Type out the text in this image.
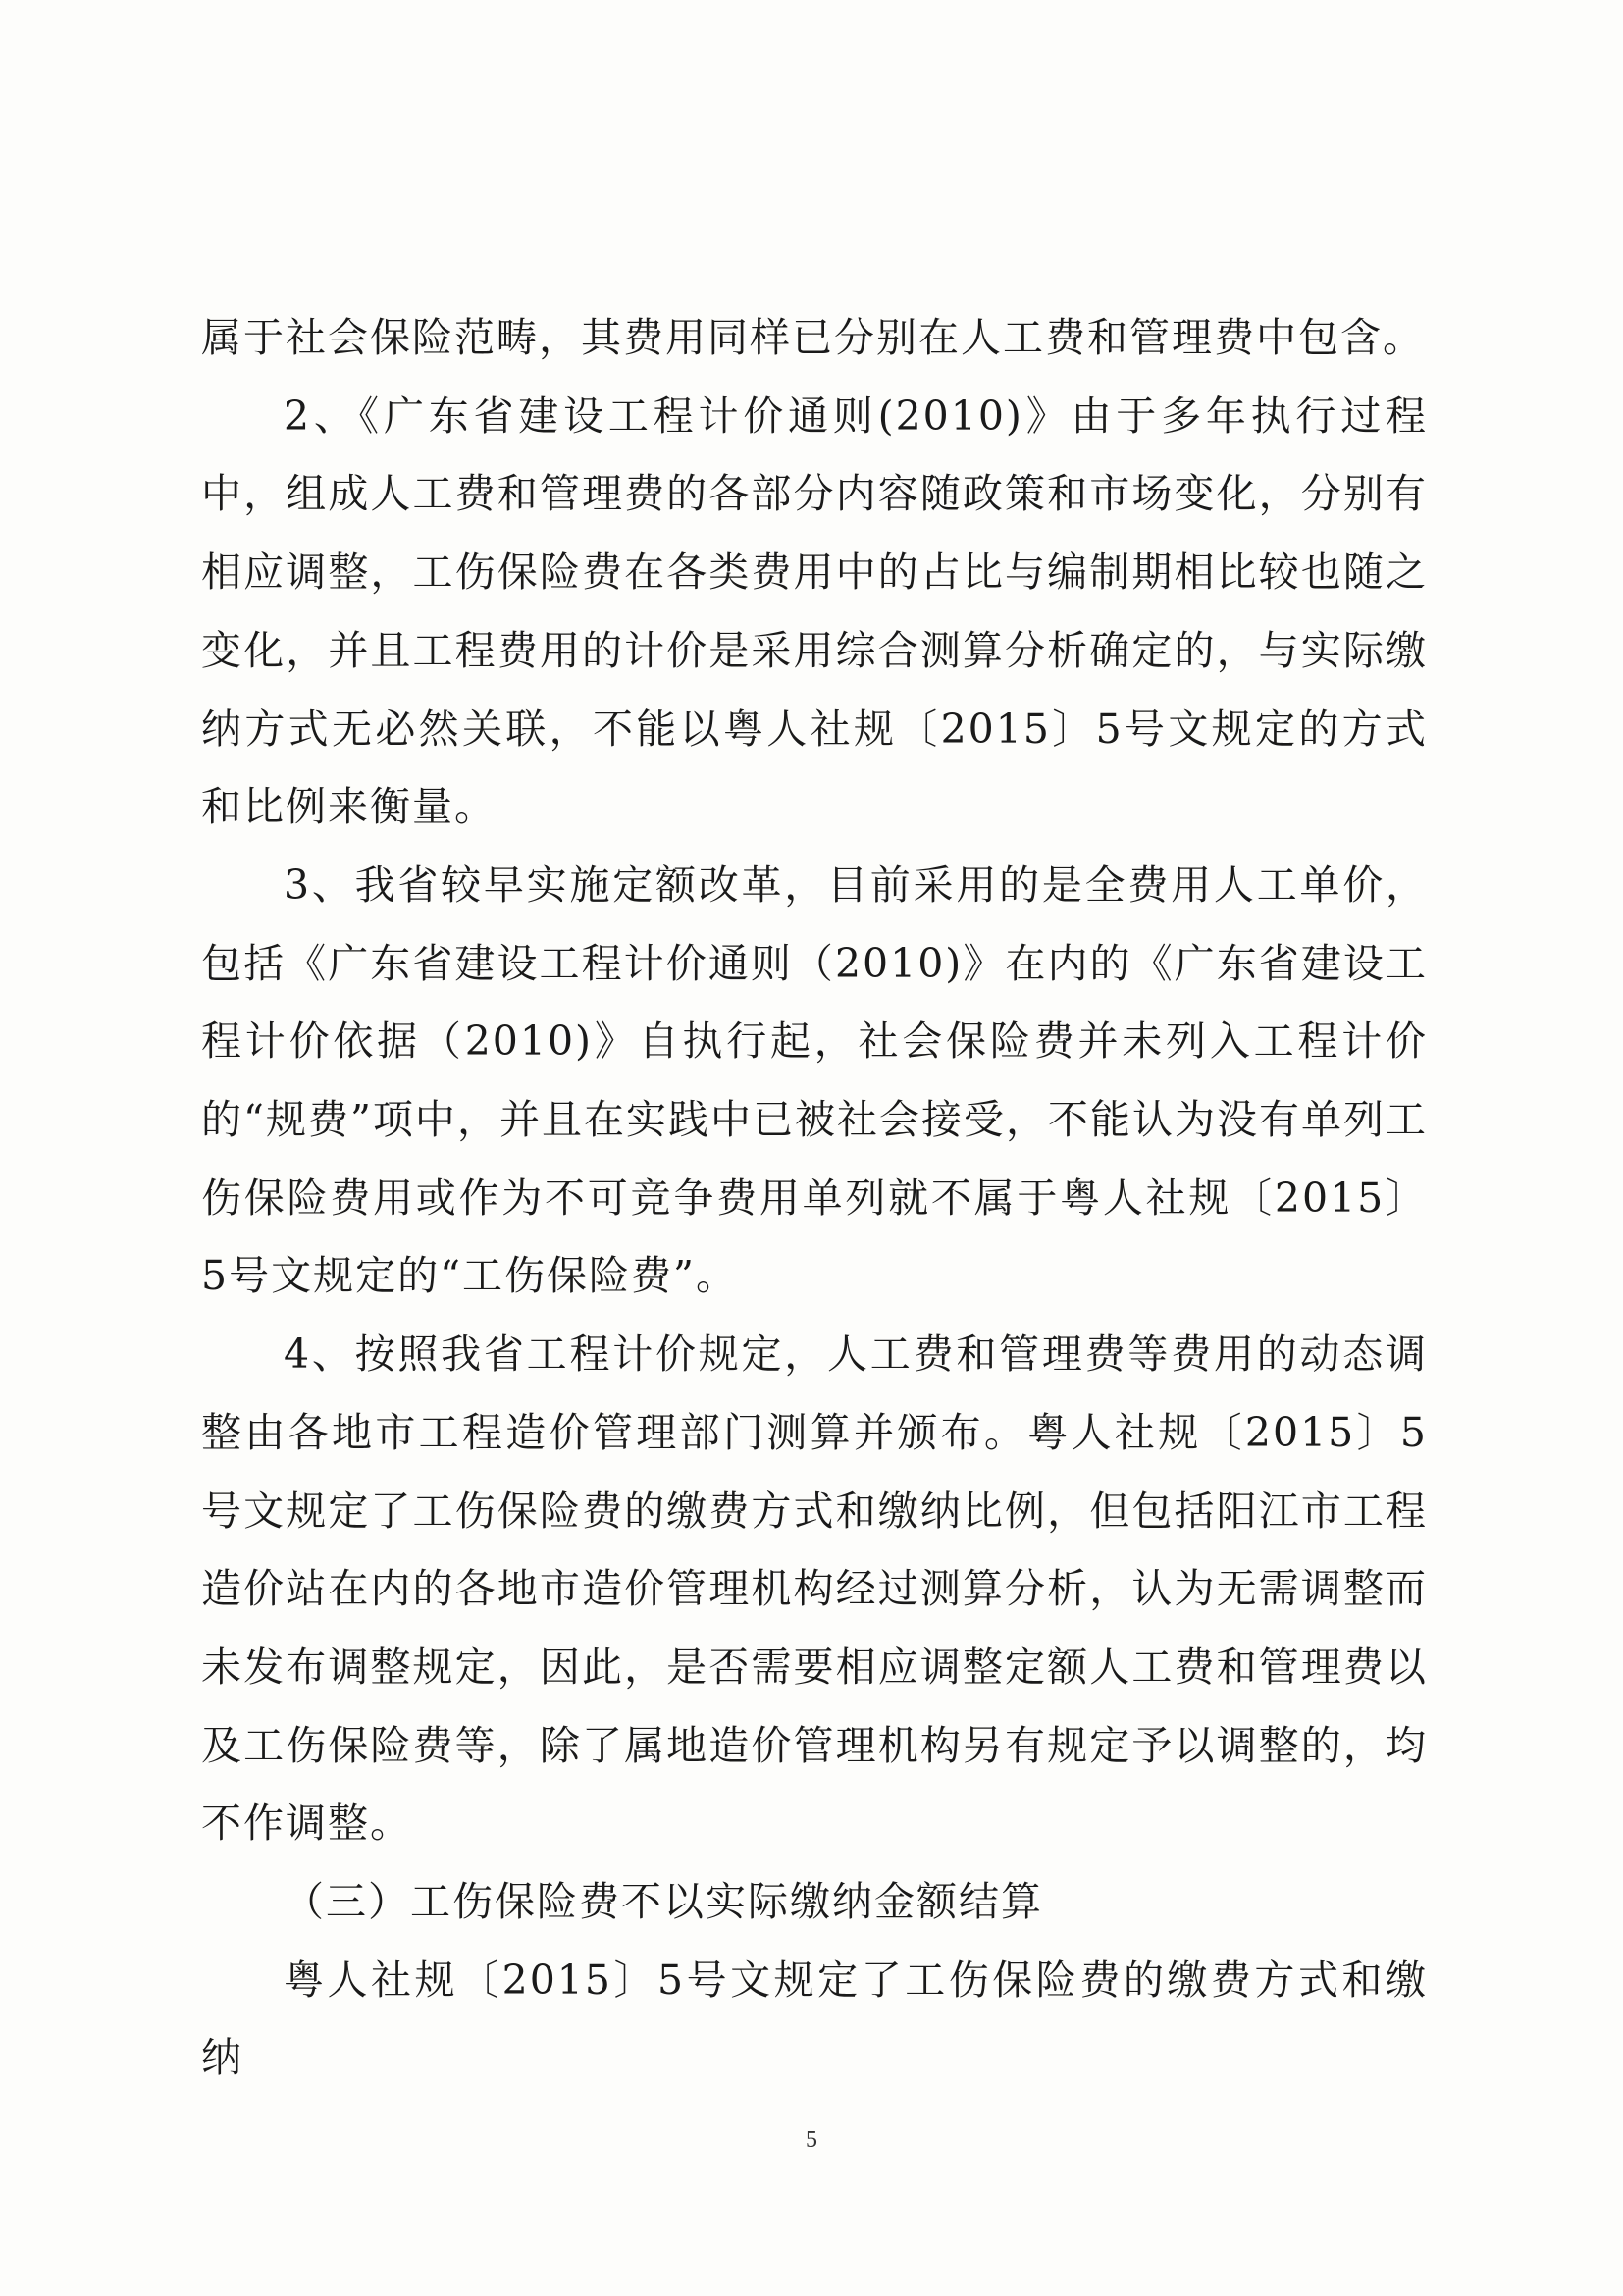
属于社会保险范畴，其费用同样已分别在人工费和管理费中包含。

2、《广东省建设工程计价通则(2010)》由于多年执行过程中，组成人工费和管理费的各部分内容随政策和市场变化，分别有相应调整，工伤保险费在各类费用中的占比与编制期相比较也随之变化，并且工程费用的计价是采用综合测算分析确定的，与实际缴纳方式无必然关联，不能以粤人社规〔2015〕5号文规定的方式和比例来衡量。

3、我省较早实施定额改革，目前采用的是全费用人工单价，包括《广东省建设工程计价通则（2010)》在内的《广东省建设工程计价依据（2010)》自执行起，社会保险费并未列入工程计价的“规费”项中，并且在实践中已被社会接受，不能认为没有单列工伤保险费用或作为不可竞争费用单列就不属于粤人社规〔2015〕5号文规定的“工伤保险费”。

4、按照我省工程计价规定，人工费和管理费等费用的动态调整由各地市工程造价管理部门测算并颁布。粤人社规〔2015〕5号文规定了工伤保险费的缴费方式和缴纳比例，但包括阳江市工程造价站在内的各地市造价管理机构经过测算分析，认为无需调整而未发布调整规定，因此，是否需要相应调整定额人工费和管理费以及工伤保险费等，除了属地造价管理机构另有规定予以调整的，均不作调整。

（三）工伤保险费不以实际缴纳金额结算

粤人社规〔2015〕5号文规定了工伤保险费的缴费方式和缴纳

5
